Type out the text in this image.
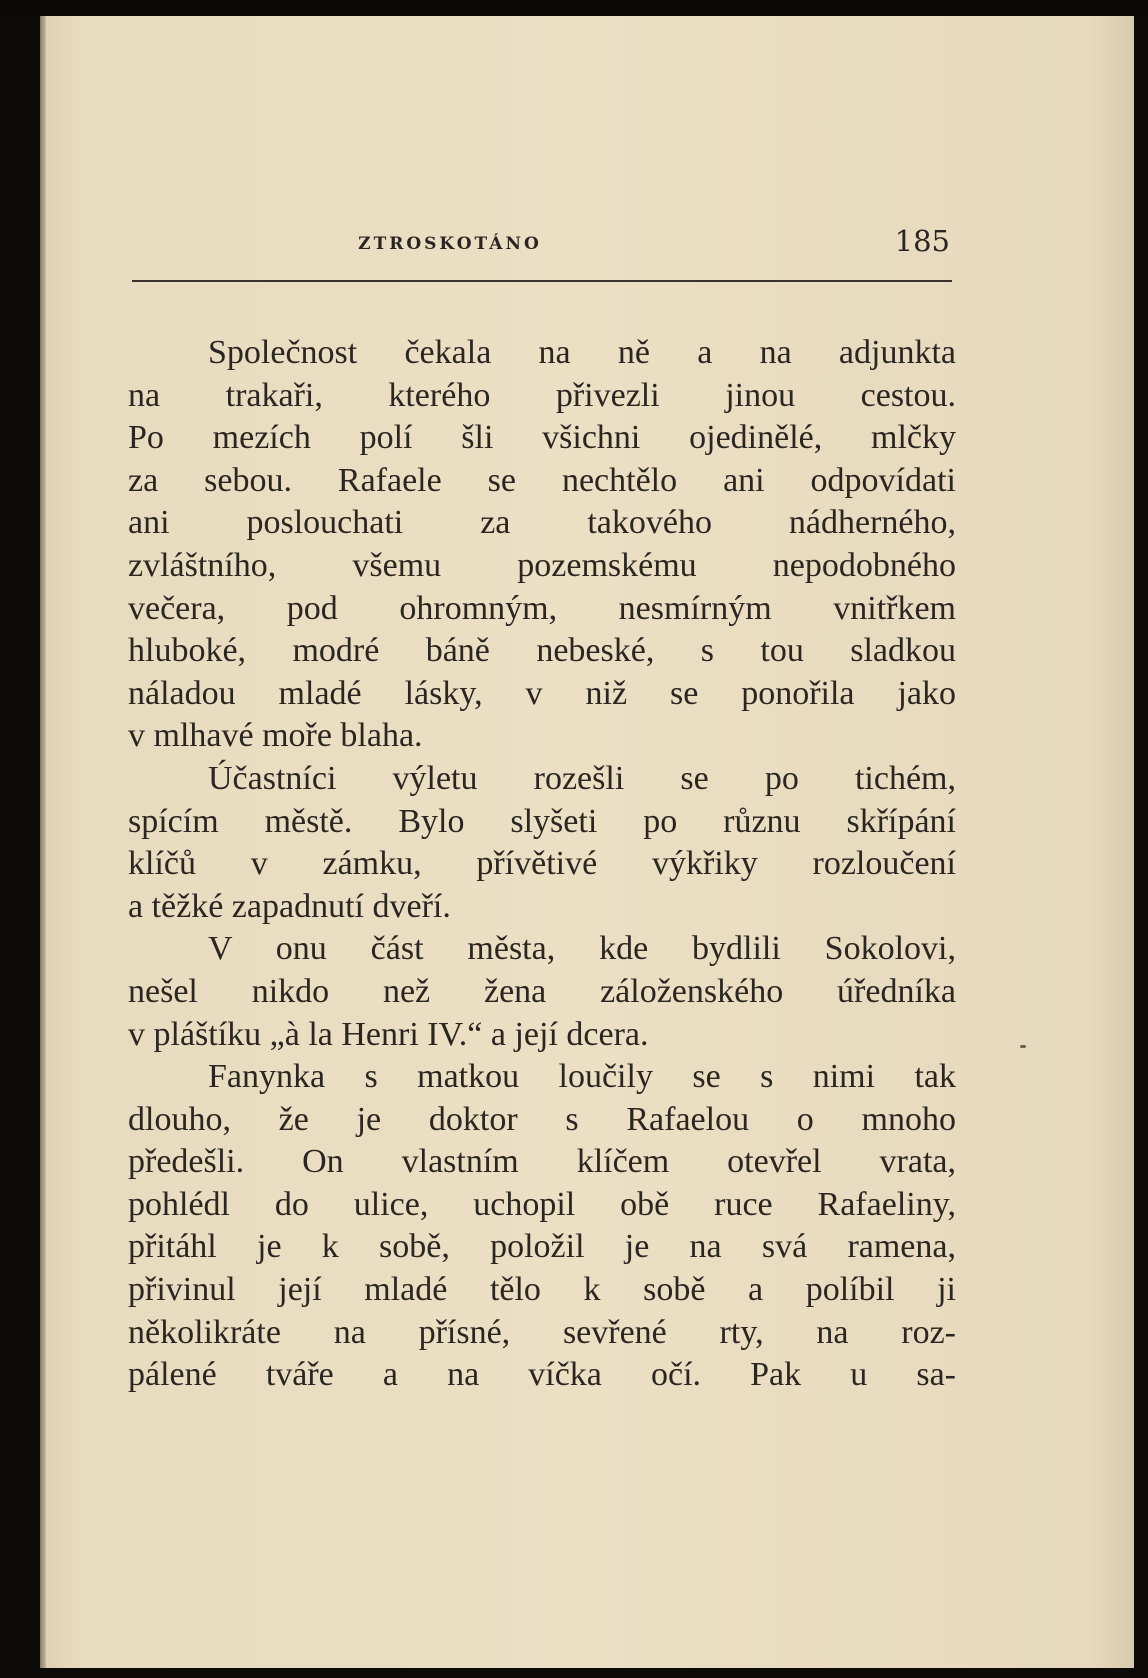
ZTROSKOTÁNO	185
Společnost čekala na ně a na adjunkta
na trakaři, kterého přivezli jinou cestou.
Po mezích polí šli všichni ojedinělé, mlčky
za sebou. Rafaele se nechtělo ani odpovídati
ani poslouchati za takového nádherného,
zvláštního, všemu pozemskému nepodobného
večera, pod ohromným, nesmírným vnitřkem
hluboké, modré báně nebeské, s tou sladkou
náladou mladé lásky, v niž se ponořila jako
v mlhavé moře blaha.
Účastníci výletu rozešli se po tichém,
spícím městě. Bylo slyšeti po různu skřípání
klíčů v zámku, přívětivé výkřiky rozloučení
a těžké zapadnutí dveří.
V onu část města, kde bydlili Sokolovi,
nešel nikdo než žena záloženského úředníka
v pláštíku „à la Henri IV.“ a její dcera.
Fanynka s matkou loučily se s nimi tak
dlouho, že je doktor s Rafaelou o mnoho
předešli. On vlastním klíčem otevřel vrata,
pohlédl do ulice, uchopil obě ruce Rafaeliny,
přitáhl je k sobě, položil je na svá ramena,
přivinul její mladé tělo k sobě a políbil ji
několikráte na přísné, sevřené rty, na roz-
pálené tváře a na víčka očí. Pak u sa-
